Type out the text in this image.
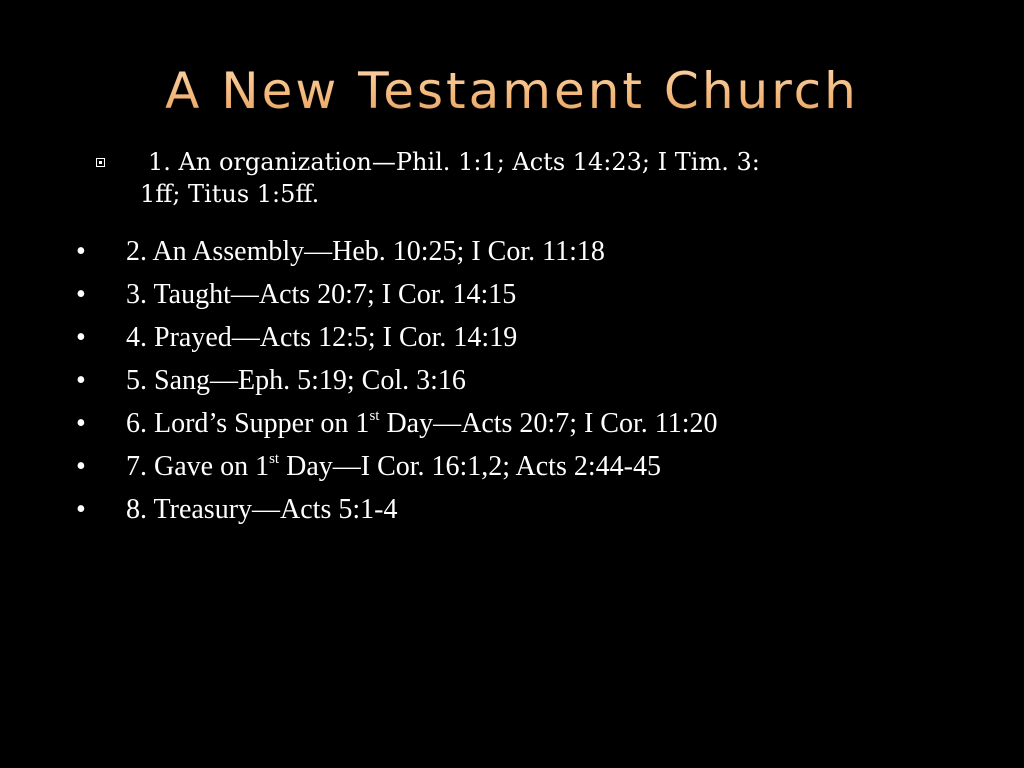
A New Testament Church
1. An organization—Phil. 1:1; Acts 14:23; I Tim. 3:
1ff; Titus 1:5ff.
• 2. An Assembly—Heb. 10:25; I Cor. 11:18
• 3. Taught—Acts 20:7; I Cor. 14:15
• 4. Prayed—Acts 12:5; I Cor. 14:19
• 5. Sang—Eph. 5:19; Col. 3:16
• 6. Lord’s Supper on 1st Day—Acts 20:7; I Cor. 11:20
• 7. Gave on 1st Day—I Cor. 16:1,2; Acts 2:44-45
• 8. Treasury—Acts 5:1-4
